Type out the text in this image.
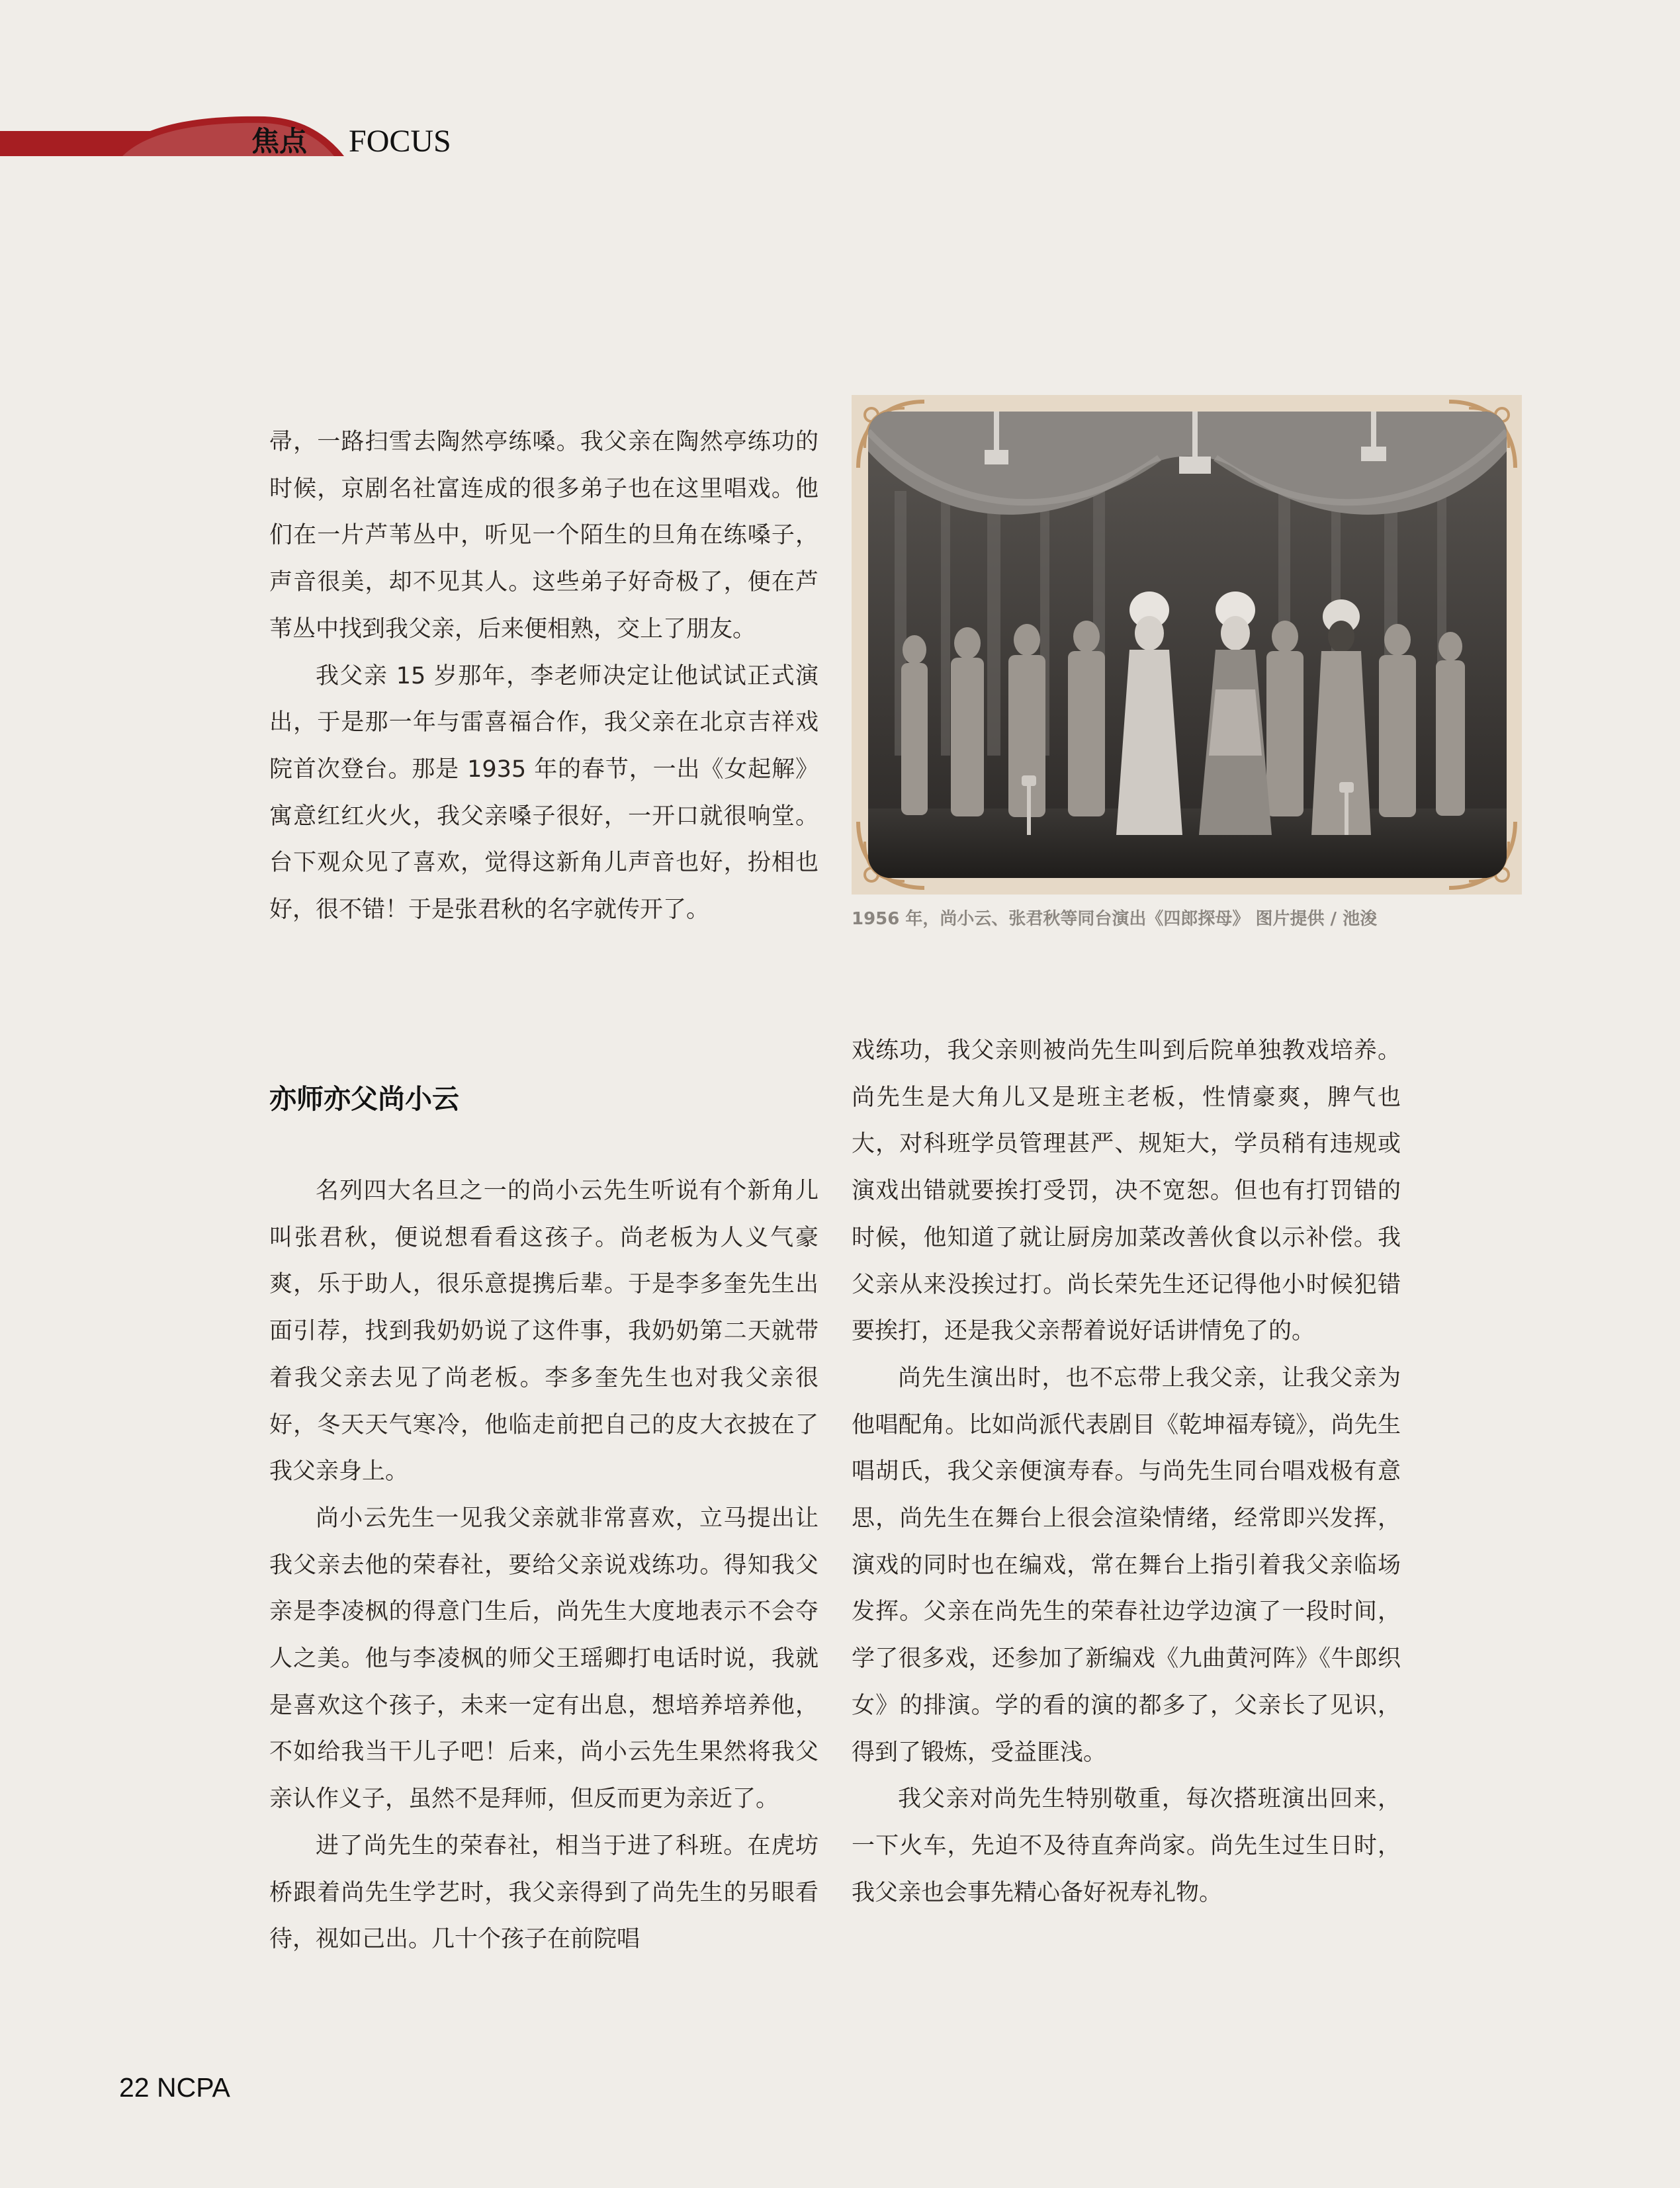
焦点 FOCUS

帚，一路扫雪去陶然亭练嗓。我父亲在陶然亭练功的时候，京剧名社富连成的很多弟子也在这里唱戏。他们在一片芦苇丛中，听见一个陌生的旦角在练嗓子，声音很美，却不见其人。这些弟子好奇极了，便在芦苇丛中找到我父亲，后来便相熟，交上了朋友。

我父亲 15 岁那年，李老师决定让他试试正式演出，于是那一年与雷喜福合作，我父亲在北京吉祥戏院首次登台。那是 1935 年的春节，一出《女起解》寓意红红火火，我父亲嗓子很好，一开口就很响堂。台下观众见了喜欢，觉得这新角儿声音也好，扮相也好，很不错！于是张君秋的名字就传开了。

亦师亦父尚小云

名列四大名旦之一的尚小云先生听说有个新角儿叫张君秋，便说想看看这孩子。尚老板为人义气豪爽，乐于助人，很乐意提携后辈。于是李多奎先生出面引荐，找到我奶奶说了这件事，我奶奶第二天就带着我父亲去见了尚老板。李多奎先生也对我父亲很好，冬天天气寒冷，他临走前把自己的皮大衣披在了我父亲身上。

尚小云先生一见我父亲就非常喜欢，立马提出让我父亲去他的荣春社，要给父亲说戏练功。得知我父亲是李凌枫的得意门生后，尚先生大度地表示不会夺人之美。他与李凌枫的师父王瑶卿打电话时说，我就是喜欢这个孩子，未来一定有出息，想培养培养他，不如给我当干儿子吧！后来，尚小云先生果然将我父亲认作义子，虽然不是拜师，但反而更为亲近了。

进了尚先生的荣春社，相当于进了科班。在虎坊桥跟着尚先生学艺时，我父亲得到了尚先生的另眼看待，视如己出。几十个孩子在前院唱

1956 年，尚小云、张君秋等同台演出《四郎探母》 图片提供 / 池浚

戏练功，我父亲则被尚先生叫到后院单独教戏培养。尚先生是大角儿又是班主老板，性情豪爽，脾气也大，对科班学员管理甚严、规矩大，学员稍有违规或演戏出错就要挨打受罚，决不宽恕。但也有打罚错的时候，他知道了就让厨房加菜改善伙食以示补偿。我父亲从来没挨过打。尚长荣先生还记得他小时候犯错要挨打，还是我父亲帮着说好话讲情免了的。

尚先生演出时，也不忘带上我父亲，让我父亲为他唱配角。比如尚派代表剧目《乾坤福寿镜》，尚先生唱胡氏，我父亲便演寿春。与尚先生同台唱戏极有意思，尚先生在舞台上很会渲染情绪，经常即兴发挥，演戏的同时也在编戏，常在舞台上指引着我父亲临场发挥。父亲在尚先生的荣春社边学边演了一段时间，学了很多戏，还参加了新编戏《九曲黄河阵》《牛郎织女》的排演。学的看的演的都多了，父亲长了见识，得到了锻炼，受益匪浅。

我父亲对尚先生特别敬重，每次搭班演出回来，一下火车，先迫不及待直奔尚家。尚先生过生日时，我父亲也会事先精心备好祝寿礼物。

22 NCPA
